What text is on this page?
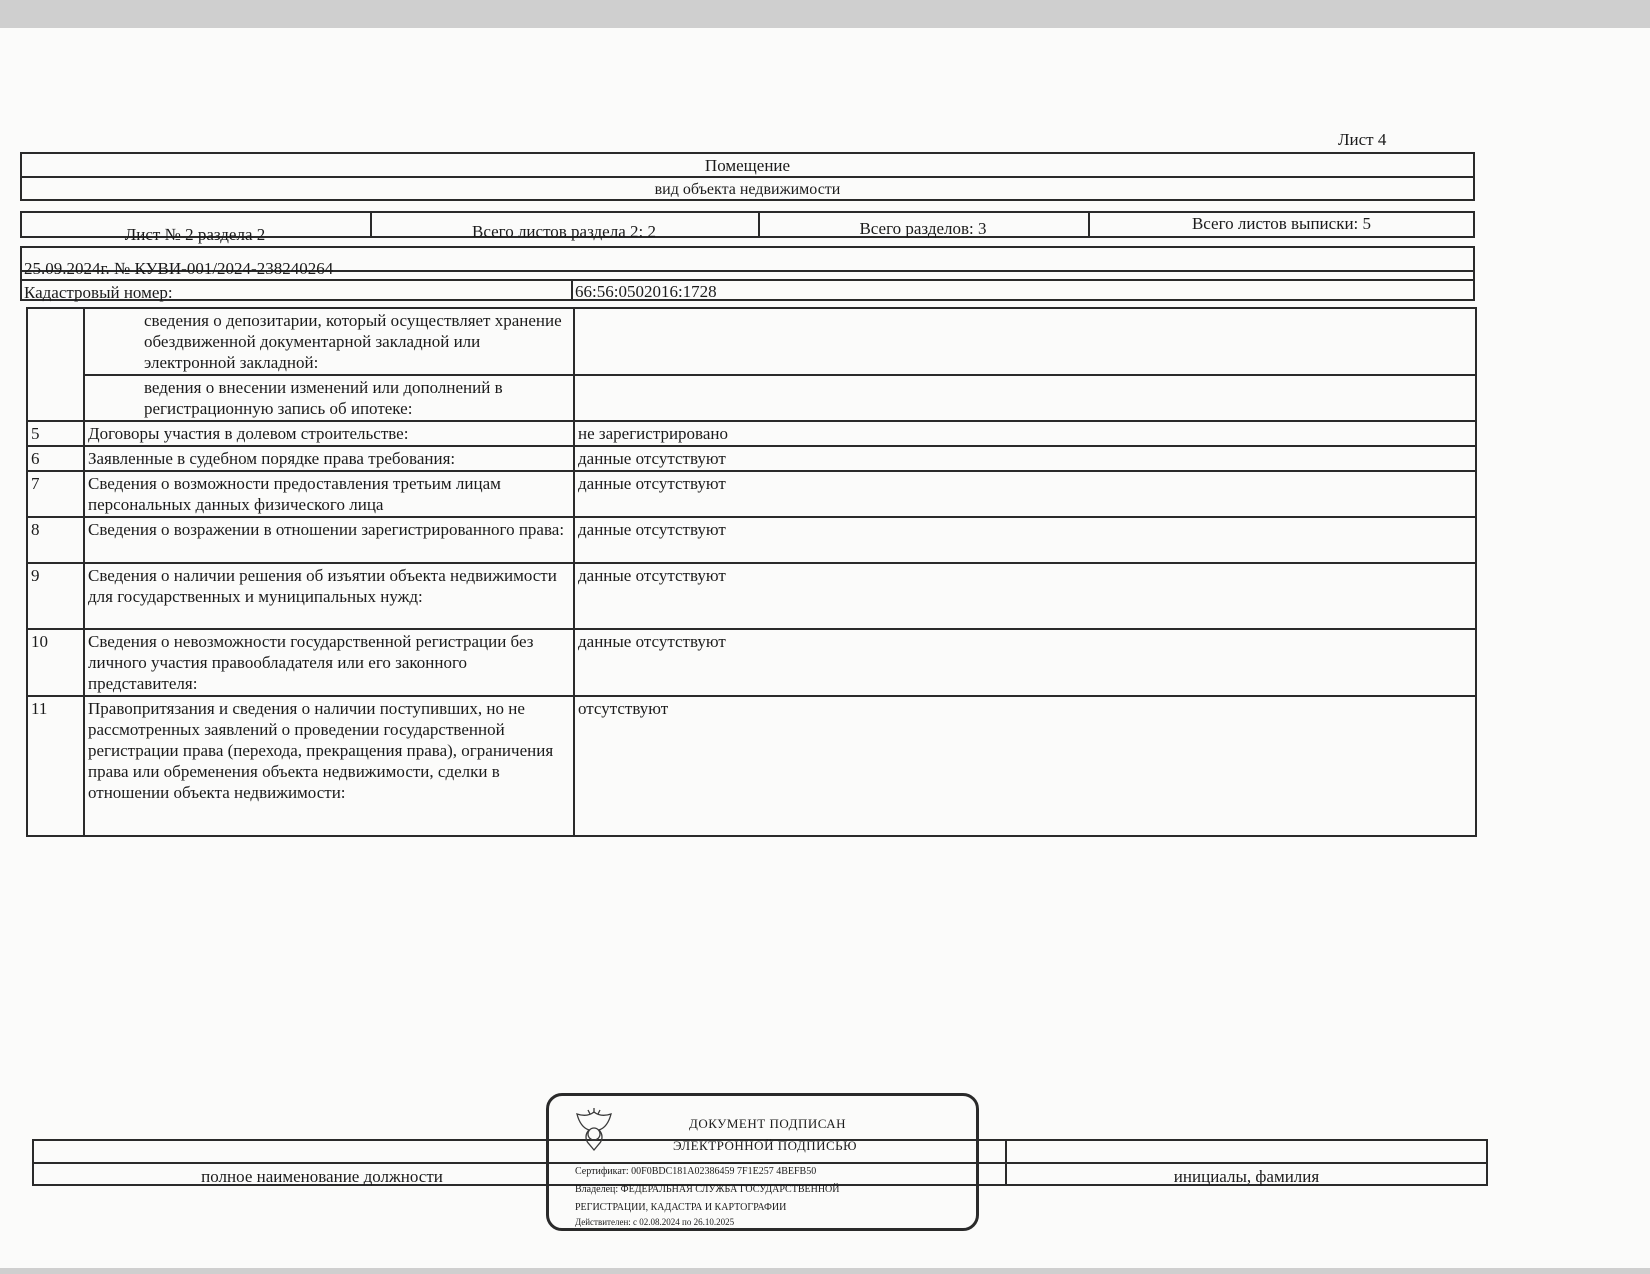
Лист 4
Помещение
вид объекта недвижимости
Лист № 2 раздела 2	Всего листов раздела 2: 2	Всего разделов: 3	Всего листов выписки: 5
25.09.2024г. № КУВИ-001/2024-238240264
Кадастровый номер:	66:56:0502016:1728
	сведения о депозитарии, который осуществляет хранение обездвиженной документарной закладной или электронной закладной:	
	ведения о внесении изменений или дополнений в регистрационную запись об ипотеке:	
5	Договоры участия в долевом строительстве:	не зарегистрировано
6	Заявленные в судебном порядке права требования:	данные отсутствуют
7	Сведения о возможности предоставления третьим лицам персональных данных физического лица	данные отсутствуют
8	Сведения о возражении в отношении зарегистрированного права:	данные отсутствуют
9	Сведения о наличии решения об изъятии объекта недвижимости для государственных и муниципальных нужд:	данные отсутствуют
10	Сведения о невозможности государственной регистрации без личного участия правообладателя или его законного представителя:	данные отсутствуют
11	Правопритязания и сведения о наличии поступивших, но не рассмотренных заявлений о проведении государственной регистрации права (перехода, прекращения права), ограничения права или обременения объекта недвижимости, сделки в отношении объекта недвижимости:	отсутствуют
полное наименование должности	инициалы, фамилия
ДОКУМЕНТ ПОДПИСАН
ЭЛЕКТРОННОЙ ПОДПИСЬЮ
Сертификат: 00F0BDC181A02386459 7F1E257 4BEFB50
Владелец: ФЕДЕРАЛЬНАЯ СЛУЖБА ГОСУДАРСТВЕННОЙ
РЕГИСТРАЦИИ, КАДАСТРА И КАРТОГРАФИИ
Действителен: с 02.08.2024 по 26.10.2025
